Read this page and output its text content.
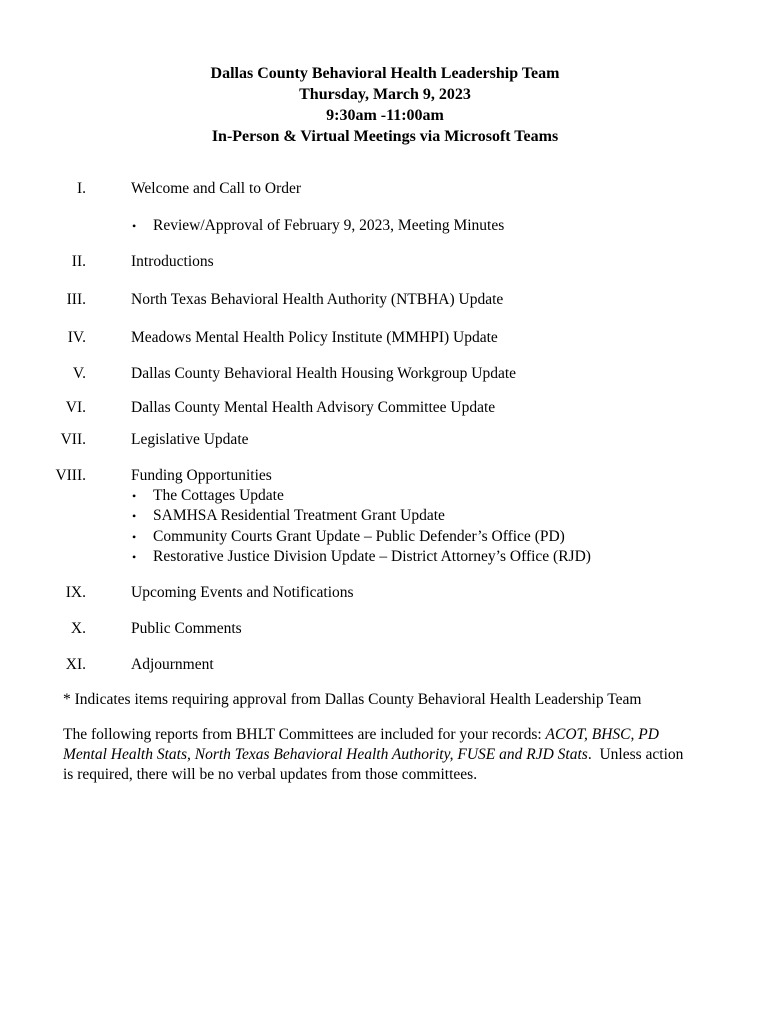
Dallas County Behavioral Health Leadership Team
Thursday, March 9, 2023
9:30am -11:00am
In-Person & Virtual Meetings via Microsoft Teams
I.	Welcome and Call to Order
• Review/Approval of February 9, 2023, Meeting Minutes
II.	Introductions
III.	North Texas Behavioral Health Authority (NTBHA) Update
IV.	Meadows Mental Health Policy Institute (MMHPI) Update
V.	Dallas County Behavioral Health Housing Workgroup Update
VI.	Dallas County Mental Health Advisory Committee Update
VII.	Legislative Update
VIII.	Funding Opportunities
• The Cottages Update
• SAMHSA Residential Treatment Grant Update
• Community Courts Grant Update – Public Defender’s Office (PD)
• Restorative Justice Division Update – District Attorney’s Office (RJD)
IX.	Upcoming Events and Notifications
X.	Public Comments
XI.	Adjournment
* Indicates items requiring approval from Dallas County Behavioral Health Leadership Team
The following reports from BHLT Committees are included for your records: ACOT, BHSC, PD
Mental Health Stats, North Texas Behavioral Health Authority, FUSE and RJD Stats.  Unless action
is required, there will be no verbal updates from those committees.
